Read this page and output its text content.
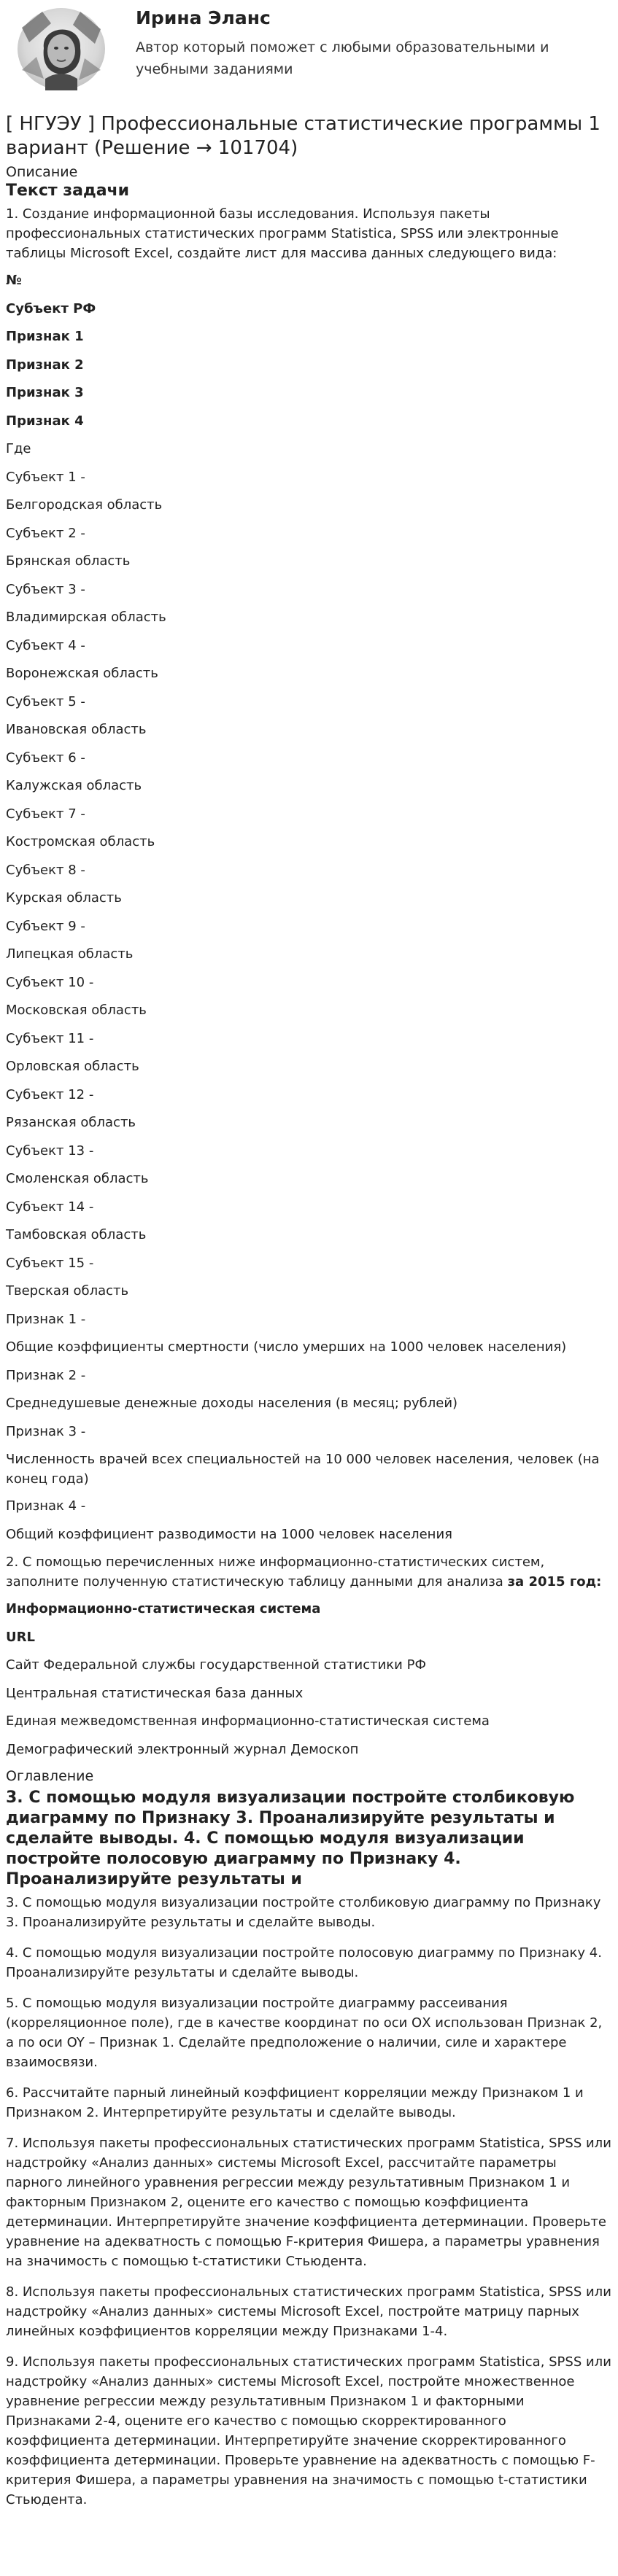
Ирина Эланс
Автор который поможет с любыми образовательными и учебными заданиями
[ НГУЭУ ] Профессиональные статистические программы 1 вариант (Решение → 101704)
Описание
Текст задачи

1. Создание информационной базы исследования. Используя пакеты профессиональных статистических программ Statistica, SPSS или электронные таблицы Microsoft Excel, создайте лист для массива данных следующего вида:

№
Субъект РФ
Признак 1
Признак 2
Признак 3
Признак 4
Где
Субъект 1 -
Белгородская область
Субъект 2 -
Брянская область
Субъект 3 -
Владимирская область
Субъект 4 -
Воронежская область
Субъект 5 -
Ивановская область
Субъект 6 -
Калужская область
Субъект 7 -
Костромская область
Субъект 8 -
Курская область
Субъект 9 -
Липецкая область
Субъект 10 -
Московская область
Субъект 11 -
Орловская область
Субъект 12 -
Рязанская область
Субъект 13 -
Смоленская область
Субъект 14 -
Тамбовская область
Субъект 15 -
Тверская область
Признак 1 -
Общие коэффициенты смертности (число умерших на 1000 человек населения)
Признак 2 -
Среднедушевые денежные доходы населения (в месяц; рублей)
Признак 3 -
Численность врачей всех специальностей на 10 000 человек населения, человек (на конец года)
Признак 4 -
Общий коэффициент разводимости на 1000 человек населения
2. С помощью перечисленных ниже информационно-статистических систем, заполните полученную статистическую таблицу данными для анализа за 2015 год:
Информационно-статистическая система
URL
Сайт Федеральной службы государственной статистики РФ
Центральная статистическая база данных
Единая межведомственная информационно-статистическая система
Демографический электронный журнал Демоскоп
Оглавление
3. С помощью модуля визуализации постройте столбиковую диаграмму по Признаку 3. Проанализируйте результаты и сделайте выводы. 4. С помощью модуля визуализации постройте полосовую диаграмму по Признаку 4. Проанализируйте результаты и
3. С помощью модуля визуализации постройте столбиковую диаграмму по Признаку 3. Проанализируйте результаты и сделайте выводы.
4. С помощью модуля визуализации постройте полосовую диаграмму по Признаку 4. Проанализируйте результаты и сделайте выводы.
5. С помощью модуля визуализации постройте диаграмму рассеивания (корреляционное поле), где в качестве координат по оси ОХ использован Признак 2, а по оси OY – Признак 1. Сделайте предположение о наличии, силе и характере взаимосвязи.
6. Рассчитайте парный линейный коэффициент корреляции между Признаком 1 и Признаком 2. Интерпретируйте результаты и сделайте выводы.
7. Используя пакеты профессиональных статистических программ Statistica, SPSS или надстройку «Анализ данных» системы Microsoft Excel, рассчитайте параметры парного линейного уравнения регрессии между результативным Признаком 1 и факторным Признаком 2, оцените его качество с помощью коэффициента детерминации. Интерпретируйте значение коэффициента детерминации. Проверьте уравнение на адекватность с помощью F-критерия Фишера, а параметры уравнения на значимость с помощью t-статистики Стьюдента.
8. Используя пакеты профессиональных статистических программ Statistica, SPSS или надстройку «Анализ данных» системы Microsoft Excel, постройте матрицу парных линейных коэффициентов корреляции между Признаками 1-4.
9. Используя пакеты профессиональных статистических программ Statistica, SPSS или надстройку «Анализ данных» системы Microsoft Excel, постройте множественное уравнение регрессии между результативным Признаком 1 и факторными Признаками 2-4, оцените его качество с помощью скорректированного коэффициента детерминации. Интерпретируйте значение скорректированного коэффициента детерминации. Проверьте уравнение на адекватность с помощью F-критерия Фишера, а параметры уравнения на значимость с помощью t-статистики Стьюдента.
